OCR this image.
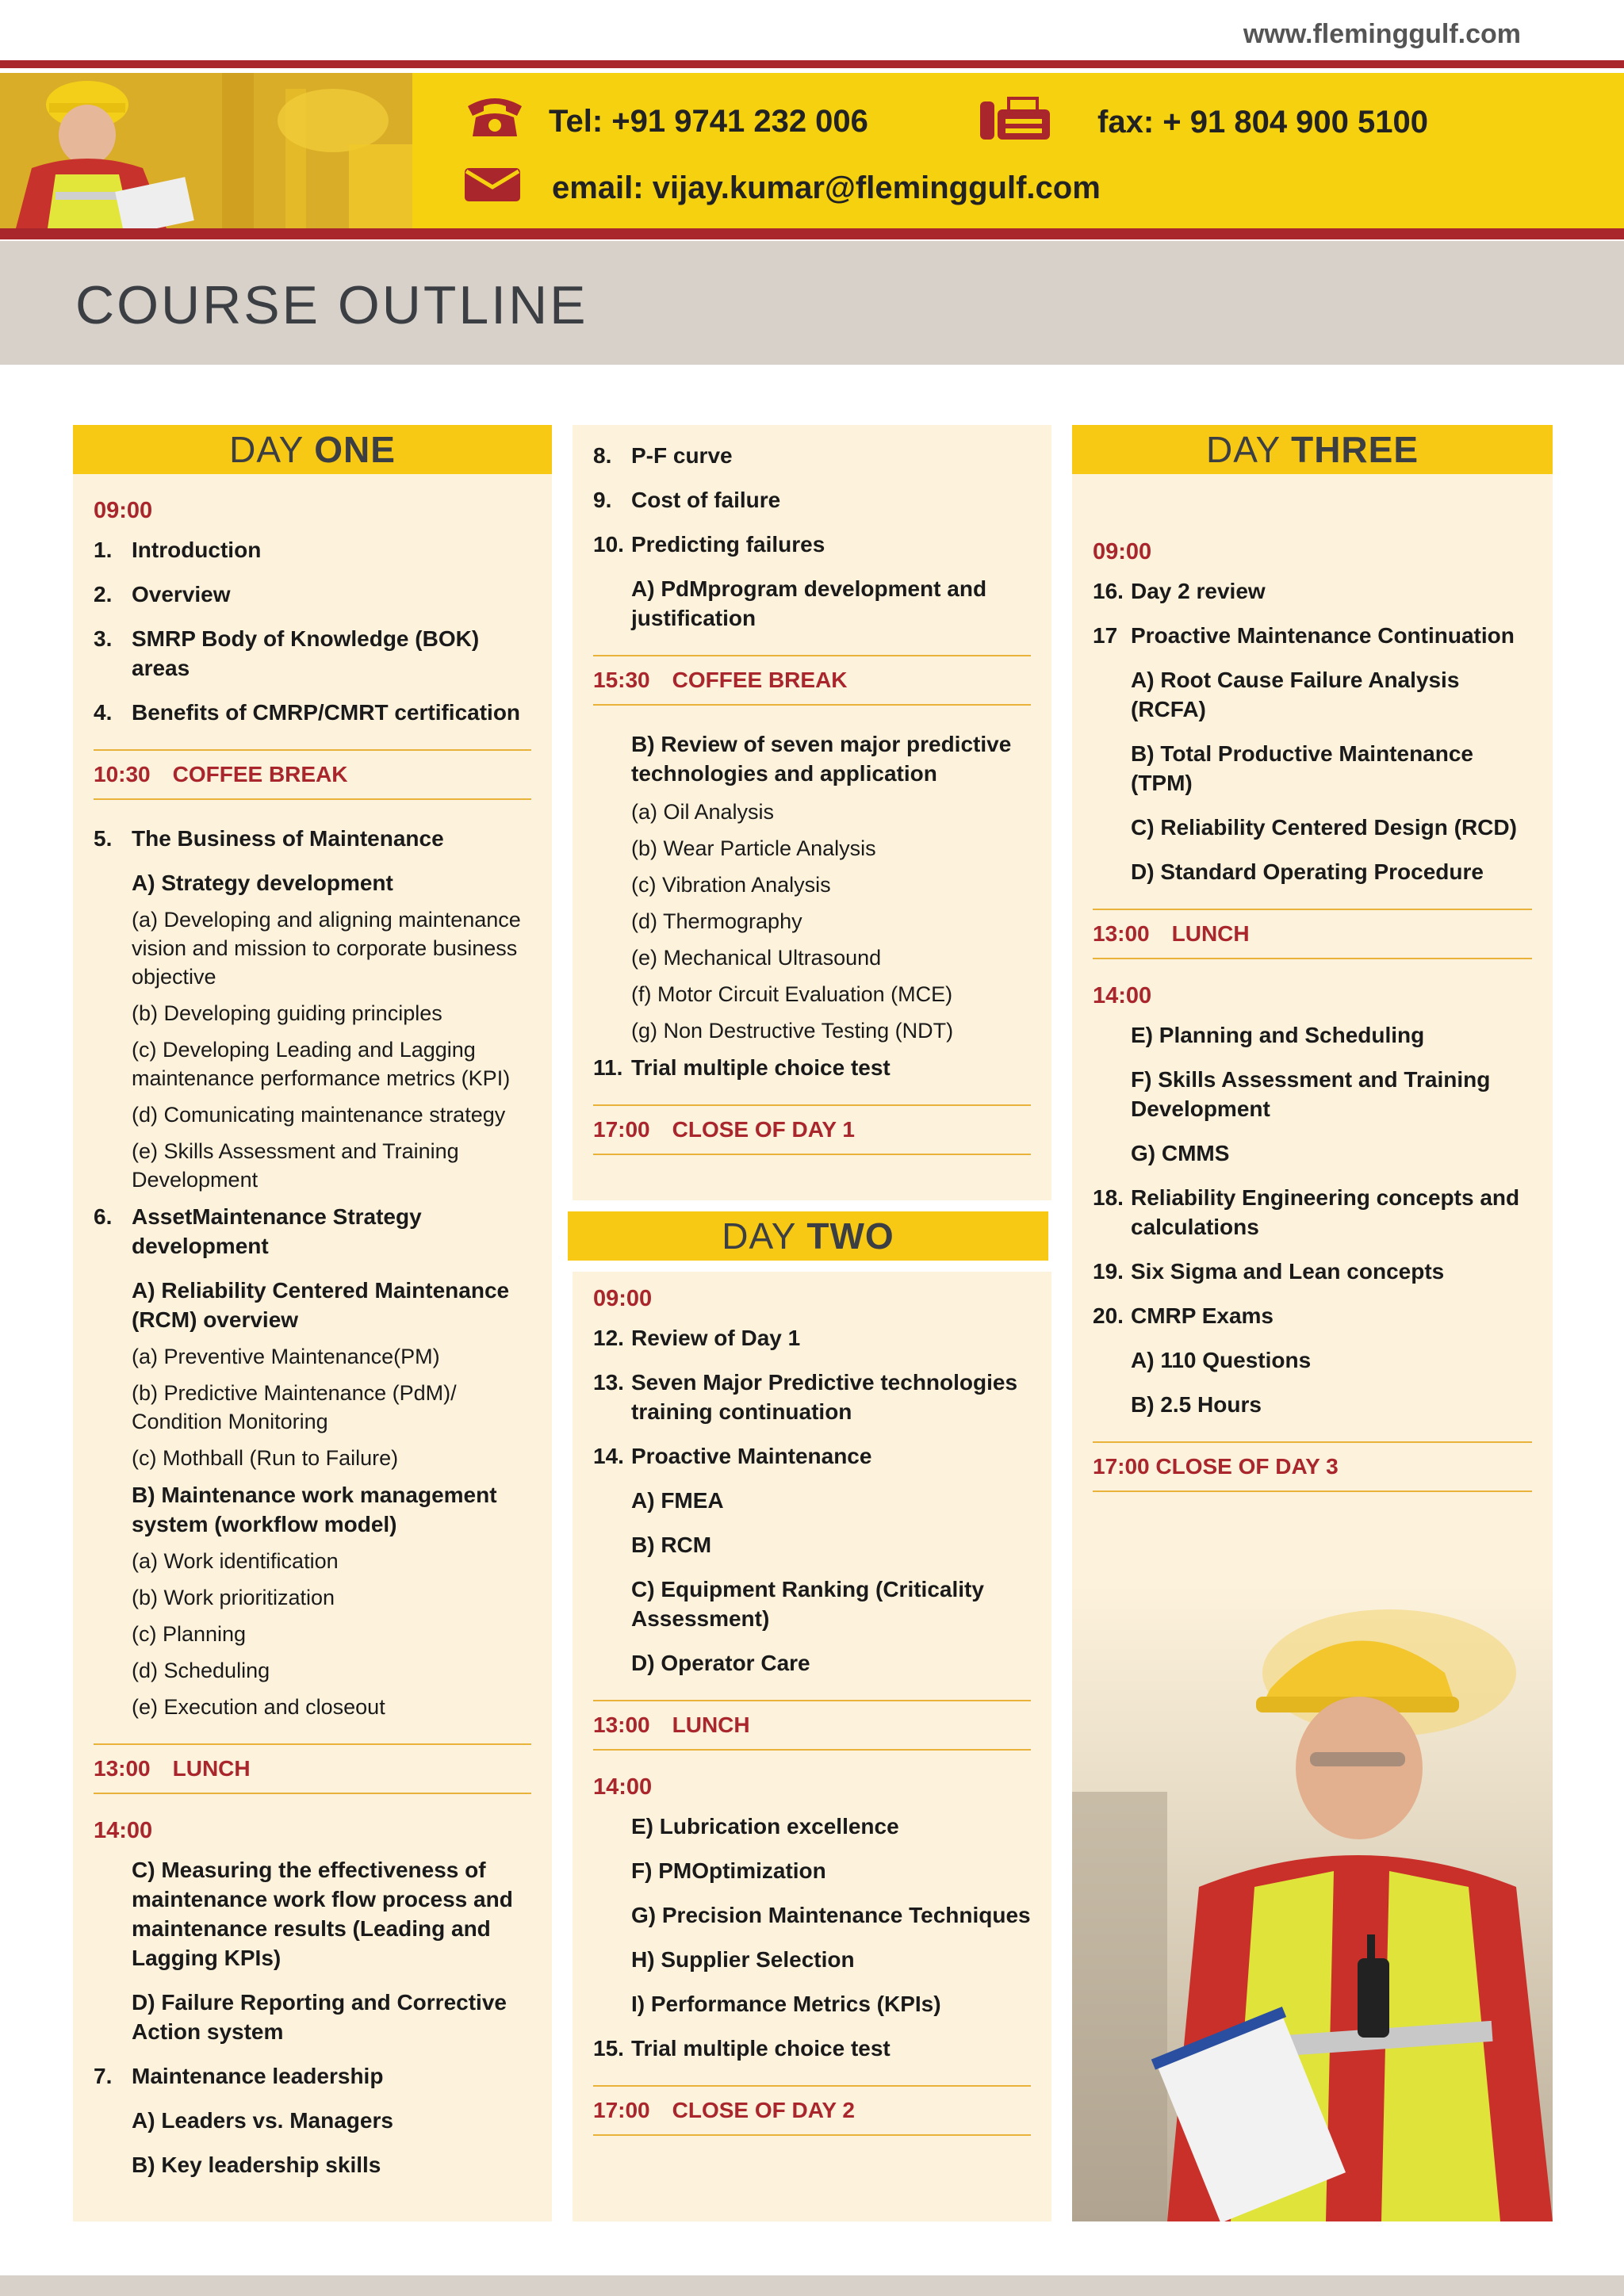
www.fleminggulf.com
Tel: +91 9741 232 006	fax: + 91 804 900 5100
email: vijay.kumar@fleminggulf.com
COURSE OUTLINE
DAY ONE
09:00
1. Introduction
2. Overview
3. SMRP Body of Knowledge (BOK) areas
4. Benefits of CMRP/CMRT certification
10:30 COFFEE BREAK
5. The Business of Maintenance
A) Strategy development
(a) Developing and aligning maintenance vision and mission to corporate business objective
(b) Developing guiding principles
(c) Developing Leading and Lagging maintenance performance metrics (KPI)
(d) Comunicating maintenance strategy
(e) Skills Assessment and Training Development
6. AssetMaintenance Strategy development
A) Reliability Centered Maintenance (RCM) overview
(a) Preventive Maintenance(PM)
(b) Predictive Maintenance (PdM)/ Condition Monitoring
(c) Mothball (Run to Failure)
B) Maintenance work management system (workflow model)
(a) Work identification
(b) Work prioritization
(c) Planning
(d) Scheduling
(e) Execution and closeout
13:00 LUNCH
14:00
C) Measuring the effectiveness of maintenance work flow process and maintenance results (Leading and Lagging KPIs)
D) Failure Reporting and Corrective Action system
7. Maintenance leadership
A) Leaders vs. Managers
B) Key leadership skills
8. P-F curve
9. Cost of failure
10. Predicting failures
A) PdMprogram development and justification
15:30 COFFEE BREAK
B) Review of seven major predictive technologies and application
(a) Oil Analysis
(b) Wear Particle Analysis
(c) Vibration Analysis
(d) Thermography
(e) Mechanical Ultrasound
(f) Motor Circuit Evaluation (MCE)
(g) Non Destructive Testing (NDT)
11. Trial multiple choice test
17:00 CLOSE OF DAY 1
DAY TWO
09:00
12. Review of Day 1
13. Seven Major Predictive technologies training continuation
14. Proactive Maintenance
A) FMEA
B) RCM
C) Equipment Ranking (Criticality Assessment)
D) Operator Care
13:00 LUNCH
14:00
E) Lubrication excellence
F) PMOptimization
G) Precision Maintenance Techniques
H) Supplier Selection
I) Performance Metrics (KPIs)
15. Trial multiple choice test
17:00 CLOSE OF DAY 2
DAY THREE
09:00
16. Day 2 review
17 Proactive Maintenance Continuation
A) Root Cause Failure Analysis (RCFA)
B) Total Productive Maintenance (TPM)
C) Reliability Centered Design (RCD)
D) Standard Operating Procedure
13:00 LUNCH
14:00
E) Planning and Scheduling
F) Skills Assessment and Training Development
G) CMMS
18. Reliability Engineering concepts and calculations
19. Six Sigma and Lean concepts
20. CMRP Exams
A) 110 Questions
B) 2.5 Hours
17:00 CLOSE OF DAY 3
